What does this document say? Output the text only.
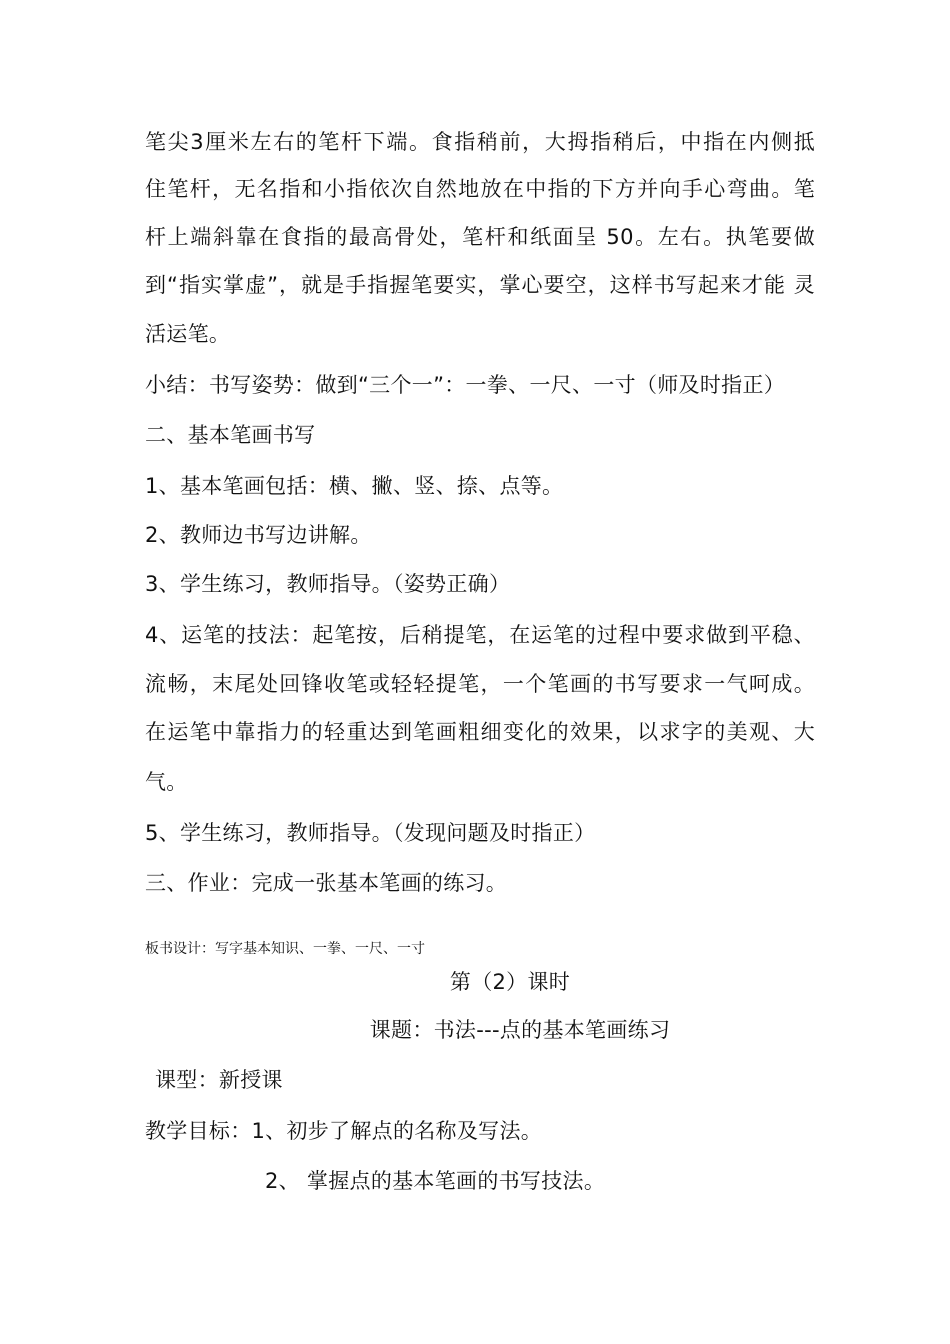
笔尖3厘米左右的笔杆下端。食指稍前，大拇指稍后，中指在内侧抵
住笔杆，无名指和小指依次自然地放在中指的下方并向手心弯曲。笔
杆上端斜靠在食指的最高骨处，笔杆和纸面呈 50。左右。执笔要做
到“指实掌虚”，就是手指握笔要实，掌心要空，这样书写起来才能 灵
活运笔。
小结：书写姿势：做到“三个一”：一拳、一尺、一寸（师及时指正）
二、基本笔画书写
1、基本笔画包括：横、撇、竖、捺、点等。
2、教师边书写边讲解。
3、学生练习，教师指导。（姿势正确）
4、运笔的技法：起笔按，后稍提笔，在运笔的过程中要求做到平稳、
流畅，末尾处回锋收笔或轻轻提笔，一个笔画的书写要求一气呵成。
在运笔中靠指力的轻重达到笔画粗细变化的效果，以求字的美观、大
气。
5、学生练习，教师指导。（发现问题及时指正）
三、作业：完成一张基本笔画的练习。
板书设计：写字基本知识、一拳、一尺、一寸
第（2）课时
课题：书法---点的基本笔画练习
课型：新授课
教学目标：1、初步了解点的名称及写法。
2、 掌握点的基本笔画的书写技法。
